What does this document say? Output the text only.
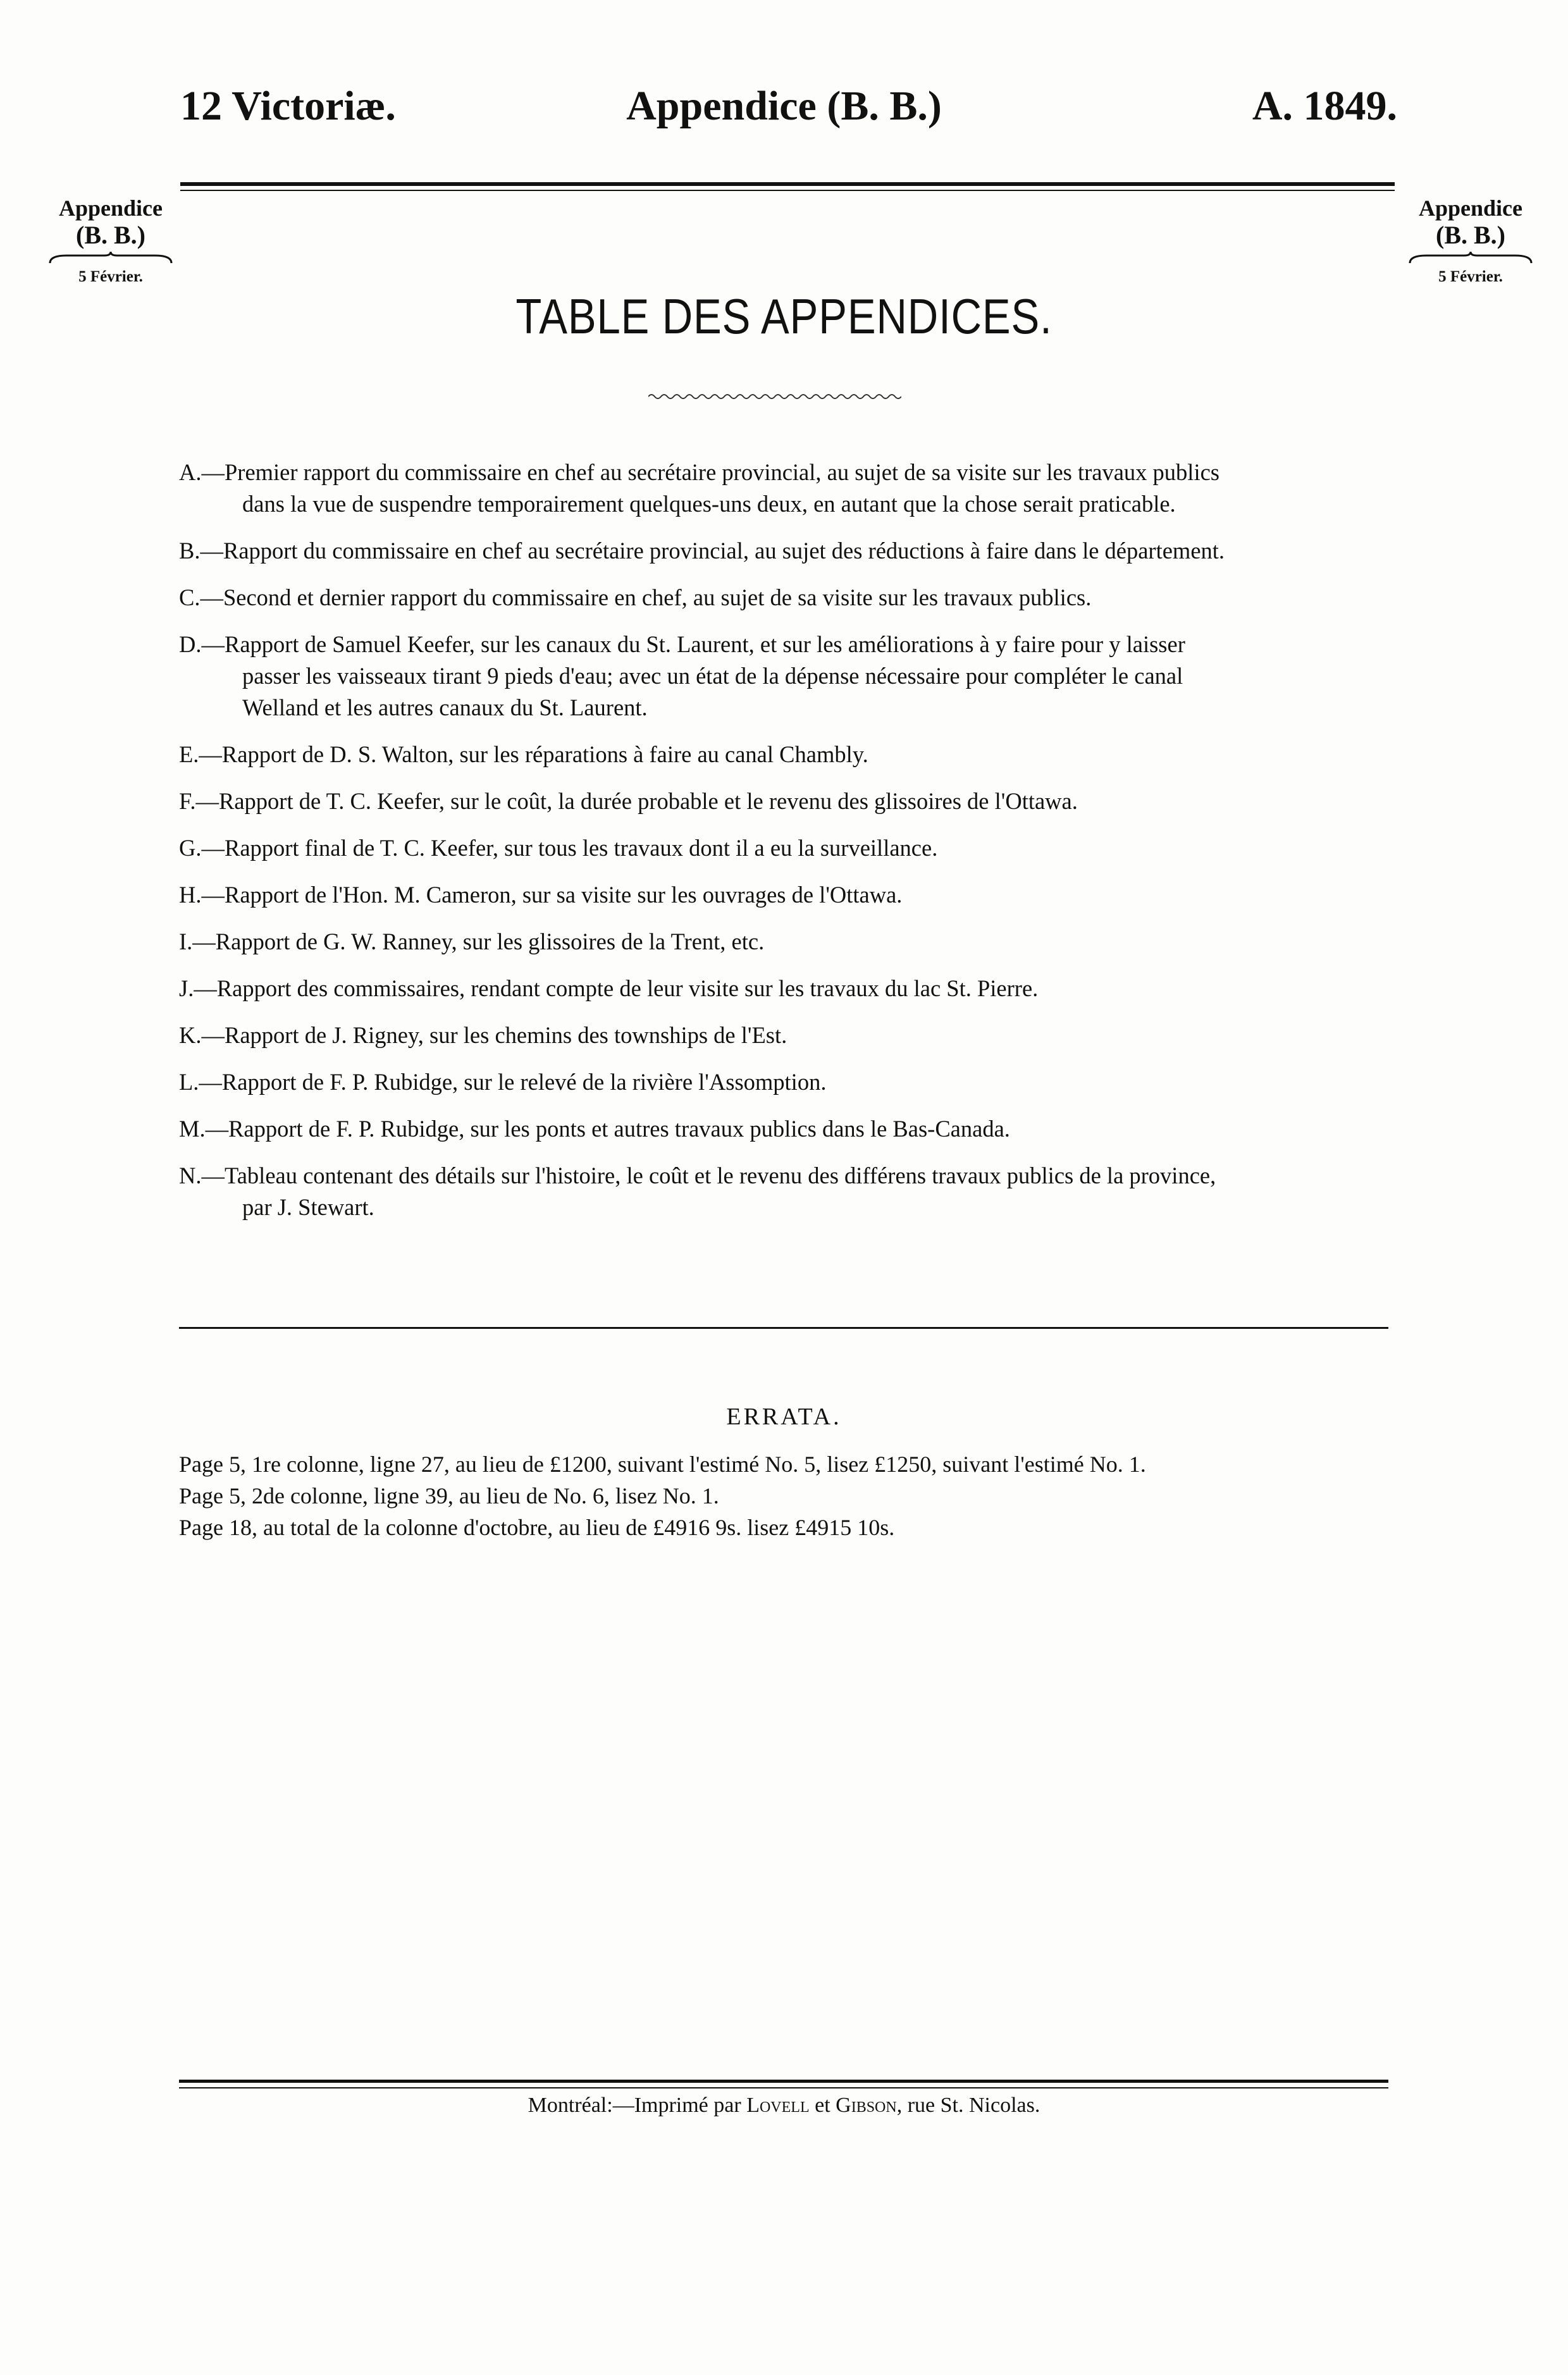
12 Victoriæ.	Appendice (B. B.)	A. 1849.
Appendice
(B. B.)
5 Février.
Appendice
(B. B.)
5 Février.
TABLE DES APPENDICES.
A.—Premier rapport du commissaire en chef au secrétaire provincial, au sujet de sa visite sur les travaux publics
dans la vue de suspendre temporairement quelques-uns deux, en autant que la chose serait praticable.
B.—Rapport du commissaire en chef au secrétaire provincial, au sujet des réductions à faire dans le département.
C.—Second et dernier rapport du commissaire en chef, au sujet de sa visite sur les travaux publics.
D.—Rapport de Samuel Keefer, sur les canaux du St. Laurent, et sur les améliorations à y faire pour y laisser
passer les vaisseaux tirant 9 pieds d'eau; avec un état de la dépense nécessaire pour compléter le canal
Welland et les autres canaux du St. Laurent.
E.—Rapport de D. S. Walton, sur les réparations à faire au canal Chambly.
F.—Rapport de T. C. Keefer, sur le coût, la durée probable et le revenu des glissoires de l'Ottawa.
G.—Rapport final de T. C. Keefer, sur tous les travaux dont il a eu la surveillance.
H.—Rapport de l'Hon. M. Cameron, sur sa visite sur les ouvrages de l'Ottawa.
I.—Rapport de G. W. Ranney, sur les glissoires de la Trent, etc.
J.—Rapport des commissaires, rendant compte de leur visite sur les travaux du lac St. Pierre.
K.—Rapport de J. Rigney, sur les chemins des townships de l'Est.
L.—Rapport de F. P. Rubidge, sur le relevé de la rivière l'Assomption.
M.—Rapport de F. P. Rubidge, sur les ponts et autres travaux publics dans le Bas-Canada.
N.—Tableau contenant des détails sur l'histoire, le coût et le revenu des différens travaux publics de la province,
par J. Stewart.
ERRATA.
Page 5, 1re colonne, ligne 27, au lieu de £1200, suivant l'estimé No. 5, lisez £1250, suivant l'estimé No. 1.
Page 5, 2de colonne, ligne 39, au lieu de No. 6, lisez No. 1.
Page 18, au total de la colonne d'octobre, au lieu de £4916 9s. lisez £4915 10s.
Montréal:—Imprimé par Lovell et Gibson, rue St. Nicolas.
